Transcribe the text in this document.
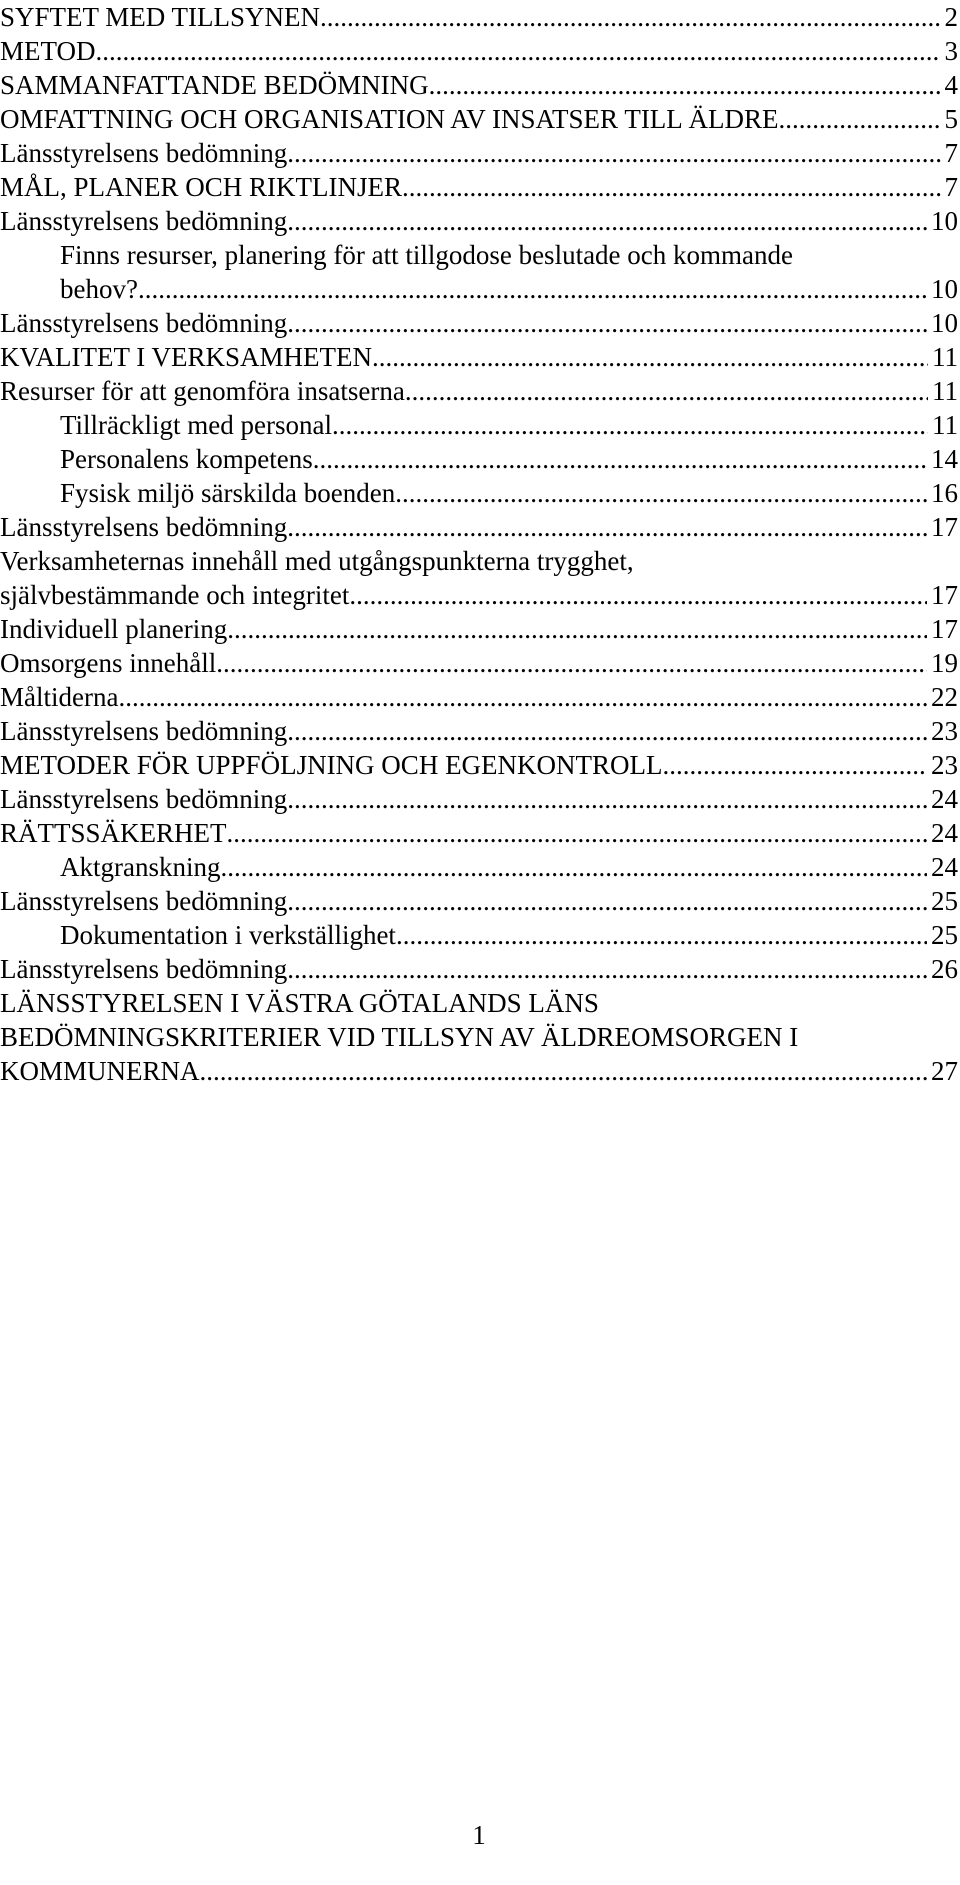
SYFTET MED TILLSYNEN .....	2
METOD .....	3
SAMMANFATTANDE BEDÖMNING .....	4
OMFATTNING OCH ORGANISATION AV INSATSER TILL ÄLDRE .....	5
Länsstyrelsens bedömning .....	7
MÅL, PLANER OCH RIKTLINJER .....	7
Länsstyrelsens bedömning .....	10
Finns resurser, planering för att tillgodose beslutade och kommande
behov? .....	10
Länsstyrelsens bedömning .....	10
KVALITET I VERKSAMHETEN .....	11
Resurser för att genomföra insatserna .....	11
Tillräckligt med personal .....	11
Personalens kompetens .....	14
Fysisk miljö särskilda boenden .....	16
Länsstyrelsens bedömning .....	17
Verksamheternas innehåll med utgångspunkterna trygghet,
självbestämmande och integritet .....	17
Individuell planering .....	17
Omsorgens innehåll .....	19
Måltiderna .....	22
Länsstyrelsens bedömning .....	23
METODER FÖR UPPFÖLJNING OCH EGENKONTROLL .....	23
Länsstyrelsens bedömning .....	24
RÄTTSSÄKERHET .....	24
Aktgranskning .....	24
Länsstyrelsens bedömning .....	25
Dokumentation i verkställighet .....	25
Länsstyrelsens bedömning .....	26
LÄNSSTYRELSEN I VÄSTRA GÖTALANDS LÄNS
BEDÖMNINGSKRITERIER VID TILLSYN AV ÄLDREOMSORGEN I
KOMMUNERNA .....	27
1
